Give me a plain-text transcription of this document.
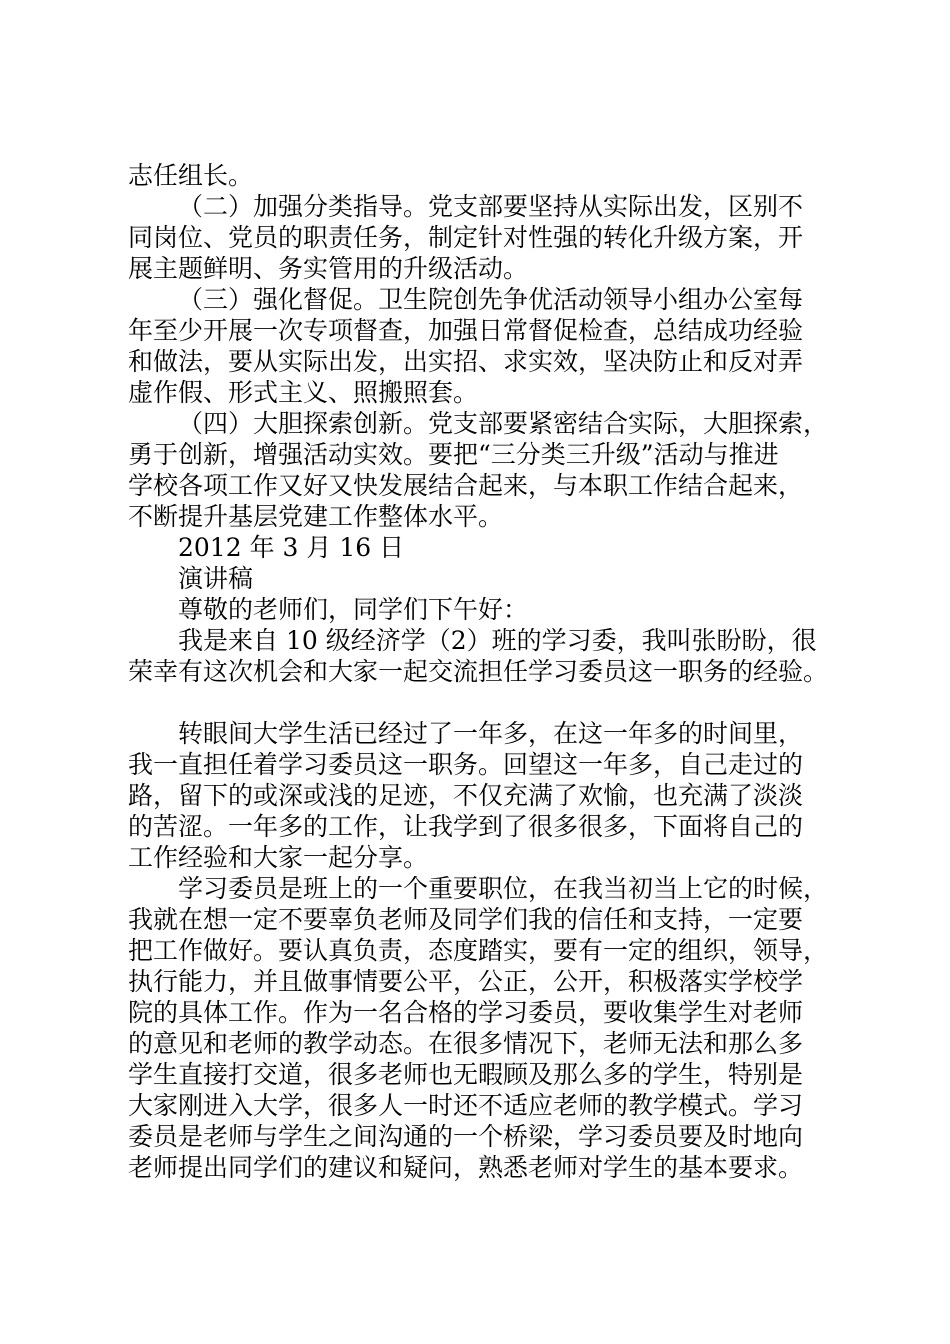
志任组长。
（二）加强分类指导。党支部要坚持从实际出发，区别不
同岗位、党员的职责任务，制定针对性强的转化升级方案，开
展主题鲜明、务实管用的升级活动。
（三）强化督促。卫生院创先争优活动领导小组办公室每
年至少开展一次专项督查，加强日常督促检查，总结成功经验
和做法，要从实际出发，出实招、求实效，坚决防止和反对弄
虚作假、形式主义、照搬照套。
（四）大胆探索创新。党支部要紧密结合实际，大胆探索，
勇于创新，增强活动实效。要把“三分类三升级”活动与推进
学校各项工作又好又快发展结合起来，与本职工作结合起来，
不断提升基层党建工作整体水平。
2012 年 3 月 16 日
演讲稿
尊敬的老师们，同学们下午好：
我是来自 10 级经济学（2）班的学习委，我叫张盼盼，很
荣幸有这次机会和大家一起交流担任学习委员这一职务的经验。
转眼间大学生活已经过了一年多，在这一年多的时间里，
我一直担任着学习委员这一职务。回望这一年多，自己走过的
路，留下的或深或浅的足迹，不仅充满了欢愉，也充满了淡淡
的苦涩。一年多的工作，让我学到了很多很多，下面将自己的
工作经验和大家一起分享。
学习委员是班上的一个重要职位，在我当初当上它的时候，
我就在想一定不要辜负老师及同学们我的信任和支持，一定要
把工作做好。要认真负责，态度踏实，要有一定的组织，领导，
执行能力，并且做事情要公平，公正，公开，积极落实学校学
院的具体工作。作为一名合格的学习委员，要收集学生对老师
的意见和老师的教学动态。在很多情况下，老师无法和那么多
学生直接打交道，很多老师也无暇顾及那么多的学生，特别是
大家刚进入大学，很多人一时还不适应老师的教学模式。学习
委员是老师与学生之间沟通的一个桥梁，学习委员要及时地向
老师提出同学们的建议和疑问，熟悉老师对学生的基本要求。
